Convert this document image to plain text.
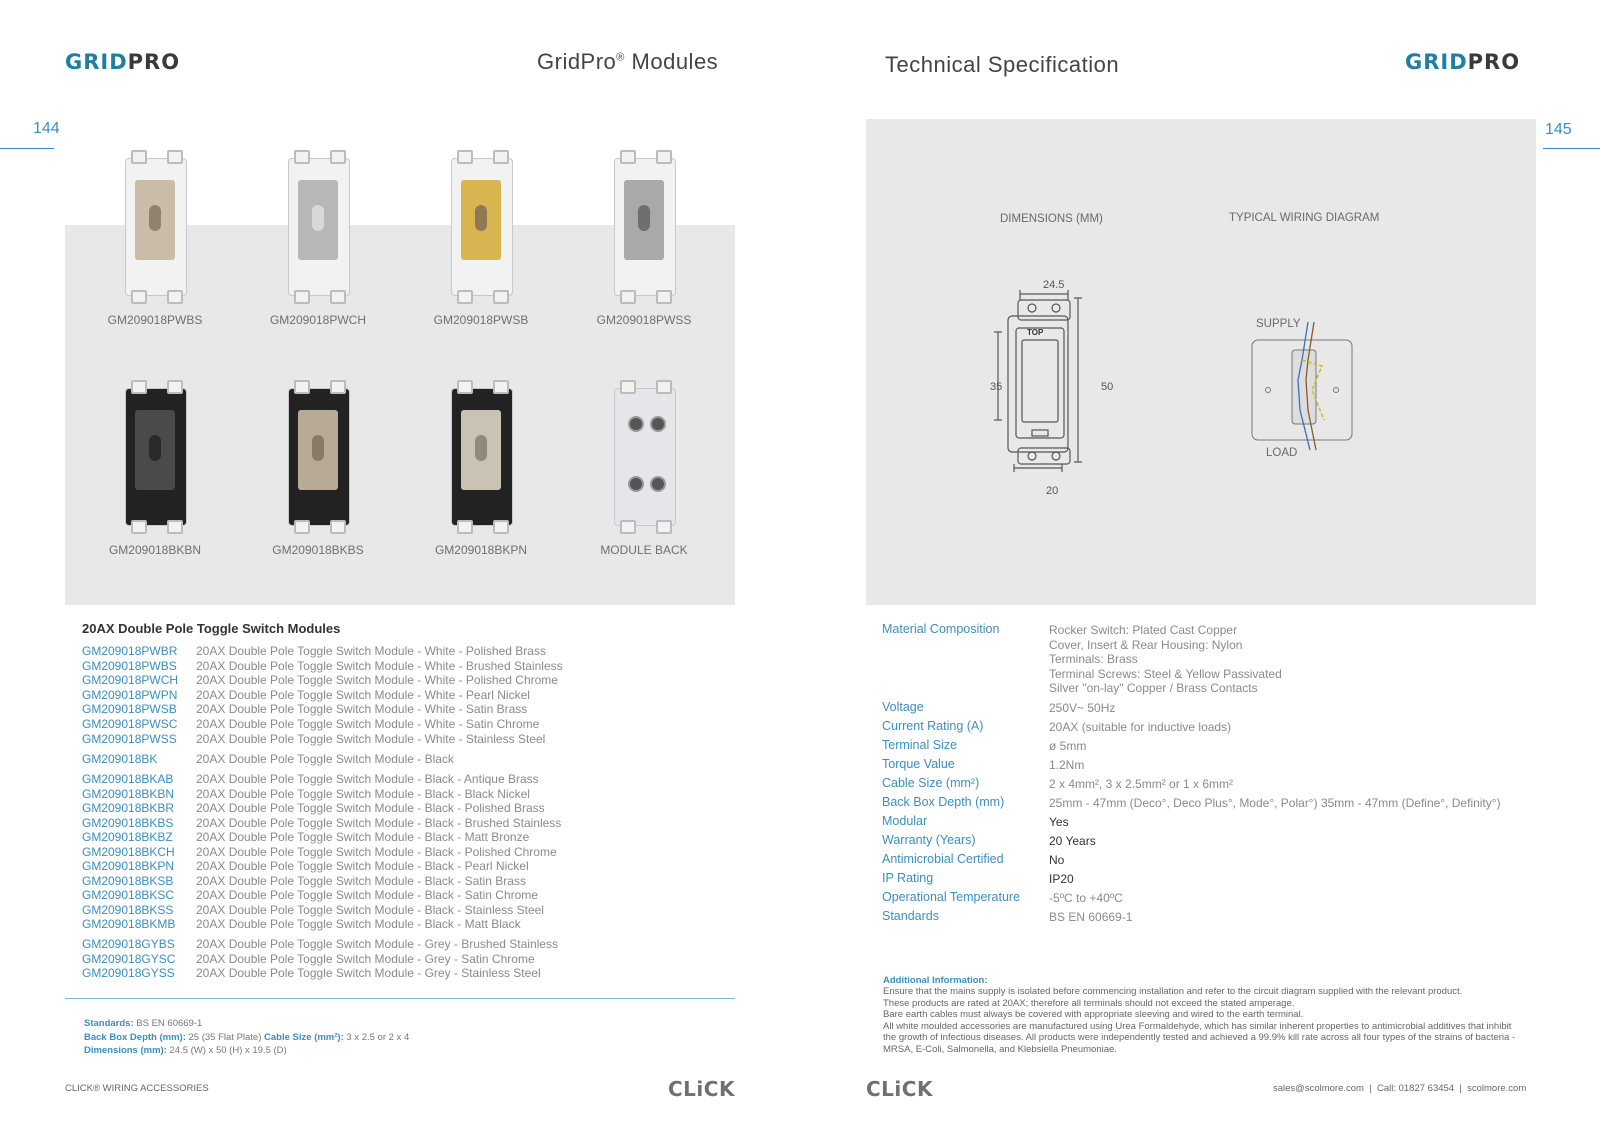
GRIDPRO	GridPro® Modules
144
GM209018PWBS	GM209018PWCH	GM209018PWSB	GM209018PWSS
GM209018BKBN	GM209018BKBS	GM209018BKPN	MODULE BACK
20AX Double Pole Toggle Switch Modules
GM209018PWBR 20AX Double Pole Toggle Switch Module - White - Polished Brass
GM209018PWBS 20AX Double Pole Toggle Switch Module - White - Brushed Stainless
GM209018PWCH 20AX Double Pole Toggle Switch Module - White - Polished Chrome
GM209018PWPN 20AX Double Pole Toggle Switch Module - White - Pearl Nickel
GM209018PWSB 20AX Double Pole Toggle Switch Module - White - Satin Brass
GM209018PWSC 20AX Double Pole Toggle Switch Module - White - Satin Chrome
GM209018PWSS 20AX Double Pole Toggle Switch Module - White - Stainless Steel
GM209018BK	20AX Double Pole Toggle Switch Module - Black
GM209018BKAB 20AX Double Pole Toggle Switch Module - Black - Antique Brass
GM209018BKBN 20AX Double Pole Toggle Switch Module - Black - Black Nickel
GM209018BKBR 20AX Double Pole Toggle Switch Module - Black - Polished Brass
GM209018BKBS 20AX Double Pole Toggle Switch Module - Black - Brushed Stainless
GM209018BKBZ 20AX Double Pole Toggle Switch Module - Black - Matt Bronze
GM209018BKCH 20AX Double Pole Toggle Switch Module - Black - Polished Chrome
GM209018BKPN 20AX Double Pole Toggle Switch Module - Black - Pearl Nickel
GM209018BKSB 20AX Double Pole Toggle Switch Module - Black - Satin Brass
GM209018BKSC 20AX Double Pole Toggle Switch Module - Black - Satin Chrome
GM209018BKSS 20AX Double Pole Toggle Switch Module - Black - Stainless Steel
GM209018BKMB 20AX Double Pole Toggle Switch Module - Black - Matt Black
GM209018GYBS 20AX Double Pole Toggle Switch Module - Grey - Brushed Stainless
GM209018GYSC 20AX Double Pole Toggle Switch Module - Grey - Satin Chrome
GM209018GYSS 20AX Double Pole Toggle Switch Module - Grey - Stainless Steel
Standards: BS EN 60669-1
Back Box Depth (mm): 25 (35 Flat Plate) Cable Size (mm²): 3 x 2.5 or 2 x 4
Dimensions (mm): 24.5 (W) x 50 (H) x 19.5 (D)
CLICK® WIRING ACCESSORIES	CLiCK
Technical Specification	GRIDPRO
145
DIMENSIONS (MM)	TYPICAL WIRING DIAGRAM
24.5
35	50
20
TOP
SUPPLY
LOAD
Material Composition	Rocker Switch: Plated Cast Copper
Cover, Insert & Rear Housing: Nylon
Terminals: Brass
Terminal Screws: Steel & Yellow Passivated
Silver "on-lay" Copper / Brass Contacts
Voltage	250V~ 50Hz
Current Rating (A)	20AX (suitable for inductive loads)
Terminal Size	ø 5mm
Torque Value	1.2Nm
Cable Size (mm²)	2 x 4mm², 3 x 2.5mm² or 1 x 6mm²
Back Box Depth (mm)	25mm - 47mm (Deco°, Deco Plus°, Mode°, Polar°) 35mm - 47mm (Define°, Definity°)
Modular	Yes
Warranty (Years)	20 Years
Antimicrobial Certified	No
IP Rating	IP20
Operational Temperature -5ºC to +40ºC
Standards	BS EN 60669-1
Additional Information:
Ensure that the mains supply is isolated before commencing installation and refer to the circuit diagram supplied with the relevant product.
These products are rated at 20AX; therefore all terminals should not exceed the stated amperage.
Bare earth cables must always be covered with appropriate sleeving and wired to the earth terminal.
All white moulded accessories are manufactured using Urea Formaldehyde, which has similar inherent properties to antimicrobial additives that inhibit the growth of infectious diseases. All products were independently tested and achieved a 99.9% kill rate across all four types of the strains of bacteria - MRSA, E-Coli, Salmonella, and Klebsiella Pneumoniae.
CLiCK	sales@scolmore.com  |  Call: 01827 63454  |  scolmore.com
